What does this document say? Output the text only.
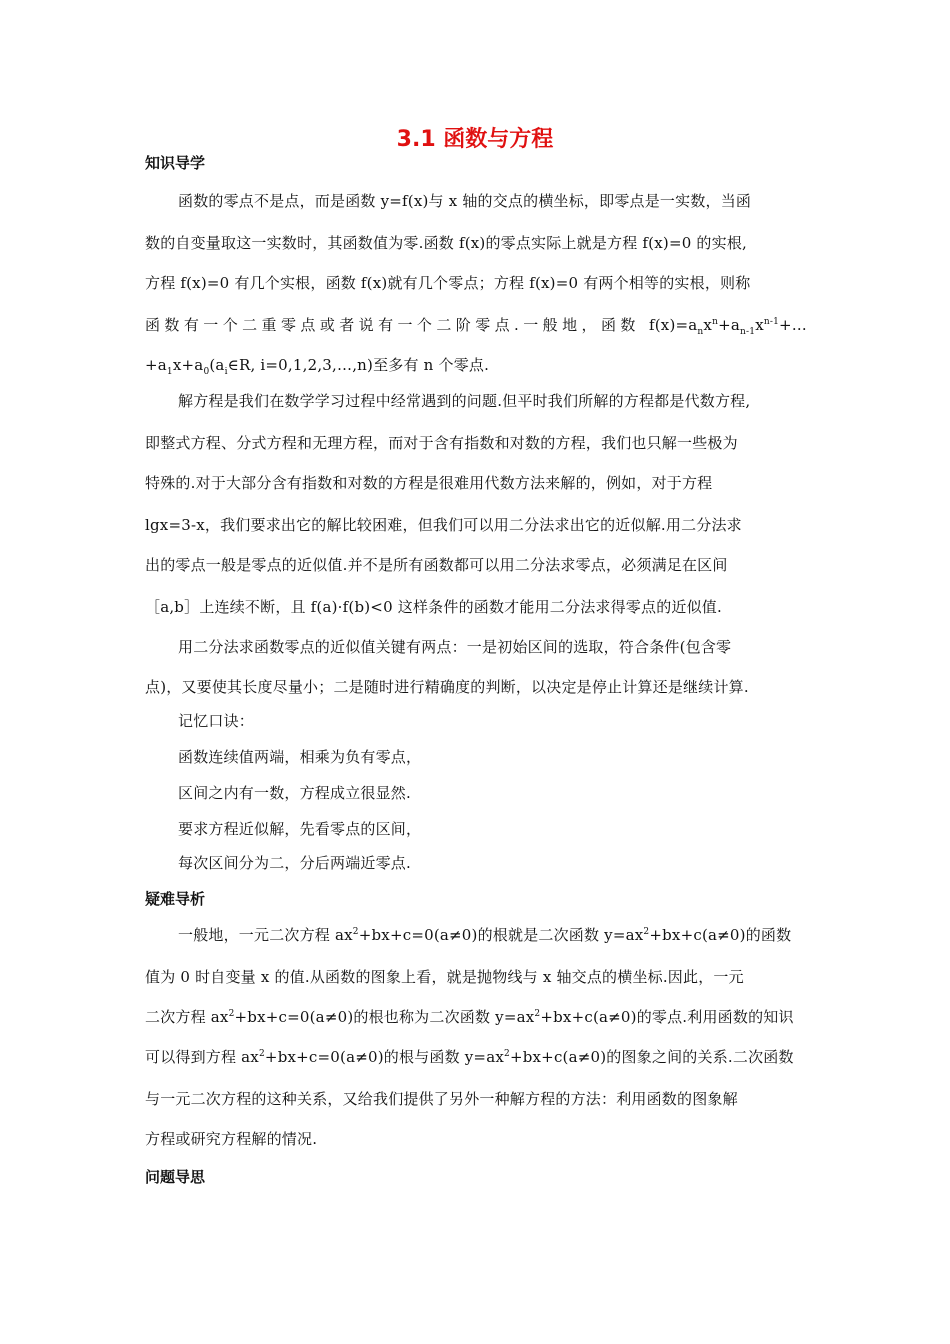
3.1 函数与方程
知识导学
函数的零点不是点，而是函数 y=f(x)与 x 轴的交点的横坐标，即零点是一实数，当函
数的自变量取这一实数时，其函数值为零.函数 f(x)的零点实际上就是方程 f(x)=0 的实根,
方程 f(x)=0 有几个实根，函数 f(x)就有几个零点；方程 f(x)=0 有两个相等的实根，则称
函数有一个二重零点或者说有一个二阶零点.一般地，函数 $f(x)=a_nx^n+a_{n-1}x^{n-1}+\dots$
$+a_1x+a_0(a_i\in R$, i=0,1,2,3,…,n)至多有 n 个零点.
解方程是我们在数学学习过程中经常遇到的问题.但平时我们所解的方程都是代数方程,
即整式方程、分式方程和无理方程，而对于含有指数和对数的方程，我们也只解一些极为
特殊的.对于大部分含有指数和对数的方程是很难用代数方法来解的，例如，对于方程
lgx=3-x，我们要求出它的解比较困难，但我们可以用二分法求出它的近似解.用二分法求
出的零点一般是零点的近似值.并不是所有函数都可以用二分法求零点，必须满足在区间
［a,b］上连续不断，且 f(a)·f(b)<0 这样条件的函数才能用二分法求得零点的近似值.
用二分法求函数零点的近似值关键有两点：一是初始区间的选取，符合条件(包含零
点)，又要使其长度尽量小；二是随时进行精确度的判断，以决定是停止计算还是继续计算.
记忆口诀：
函数连续值两端，相乘为负有零点，
区间之内有一数，方程成立很显然.
要求方程近似解，先看零点的区间，
每次区间分为二，分后两端近零点.
疑难导析
一般地，一元二次方程 $ax^2+bx+c=0(a\ne 0)$的根就是二次函数 $y=ax^2+bx+c(a\ne 0)$的函数
值为 0 时自变量 x 的值.从函数的图象上看，就是抛物线与 x 轴交点的横坐标.因此，一元
二次方程 $ax^2+bx+c=0(a\ne 0)$的根也称为二次函数 $y=ax^2+bx+c(a\ne 0)$的零点.利用函数的知识
可以得到方程 $ax^2+bx+c=0(a\ne 0)$的根与函数 $y=ax^2+bx+c(a\ne 0)$的图象之间的关系.二次函数
与一元二次方程的这种关系，又给我们提供了另外一种解方程的方法：利用函数的图象解
方程或研究方程解的情况.
问题导思
